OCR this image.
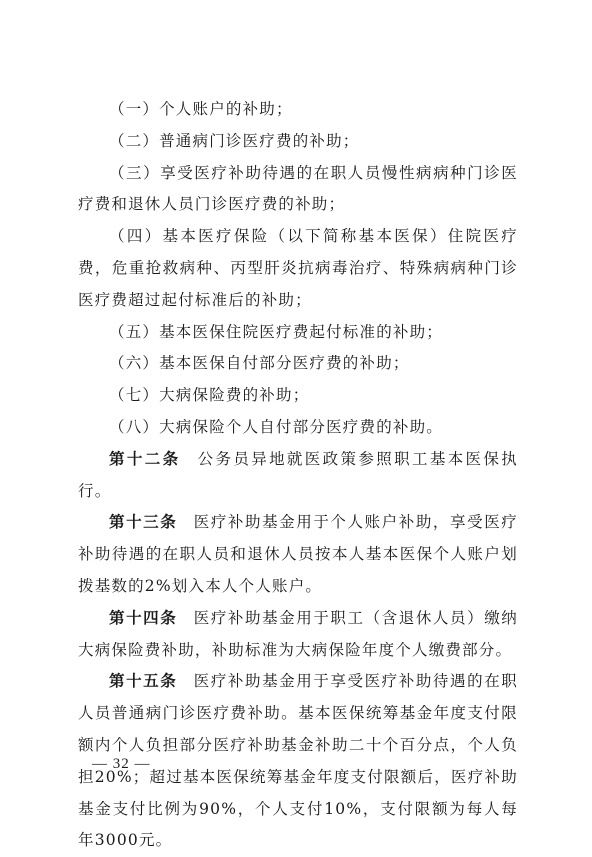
（一）个人账户的补助；

（二）普通病门诊医疗费的补助；

（三）享受医疗补助待遇的在职人员慢性病病种门诊医疗费和退休人员门诊医疗费的补助；

（四）基本医疗保险（以下简称基本医保）住院医疗费，危重抢救病种、丙型肝炎抗病毒治疗、特殊病病种门诊医疗费超过起付标准后的补助；

（五）基本医保住院医疗费起付标准的补助；

（六）基本医保自付部分医疗费的补助；

（七）大病保险费的补助；

（八）大病保险个人自付部分医疗费的补助。

第十二条 公务员异地就医政策参照职工基本医保执行。

第十三条 医疗补助基金用于个人账户补助，享受医疗补助待遇的在职人员和退休人员按本人基本医保个人账户划拨基数的2%划入本人个人账户。

第十四条 医疗补助基金用于职工（含退休人员）缴纳大病保险费补助，补助标准为大病保险年度个人缴费部分。

第十五条 医疗补助基金用于享受医疗补助待遇的在职人员普通病门诊医疗费补助。基本医保统筹基金年度支付限额内个人负担部分医疗补助基金补助二十个百分点，个人负担20%；超过基本医保统筹基金年度支付限额后，医疗补助基金支付比例为90%，个人支付10%，支付限额为每人每年3000元。

— 32 —
